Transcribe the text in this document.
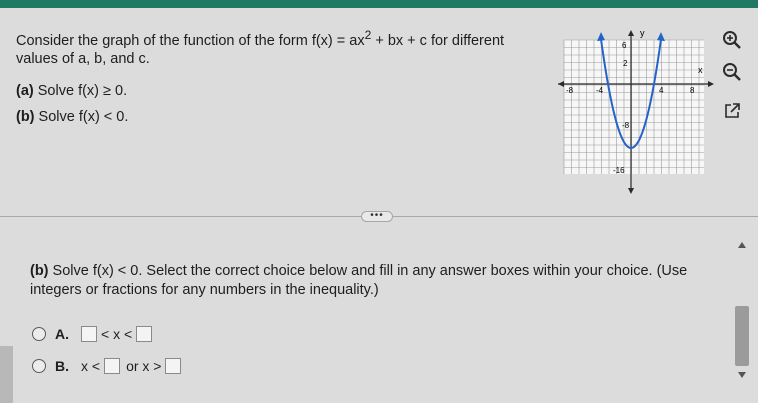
Consider the graph of the function of the form $f(x) = ax^2$ + bx + c for different values of a, b, and c.
(a) Solve f(x) ≥ 0.
(b) Solve f(x) < 0.
y
x
6
2
-8	-4	4	8
-8
-16
•••
(b) Solve f(x) < 0. Select the correct choice below and fill in any answer boxes within your choice. (Use integers or fractions for any numbers in the inequality.)
A. < x <
B. x < or x >
